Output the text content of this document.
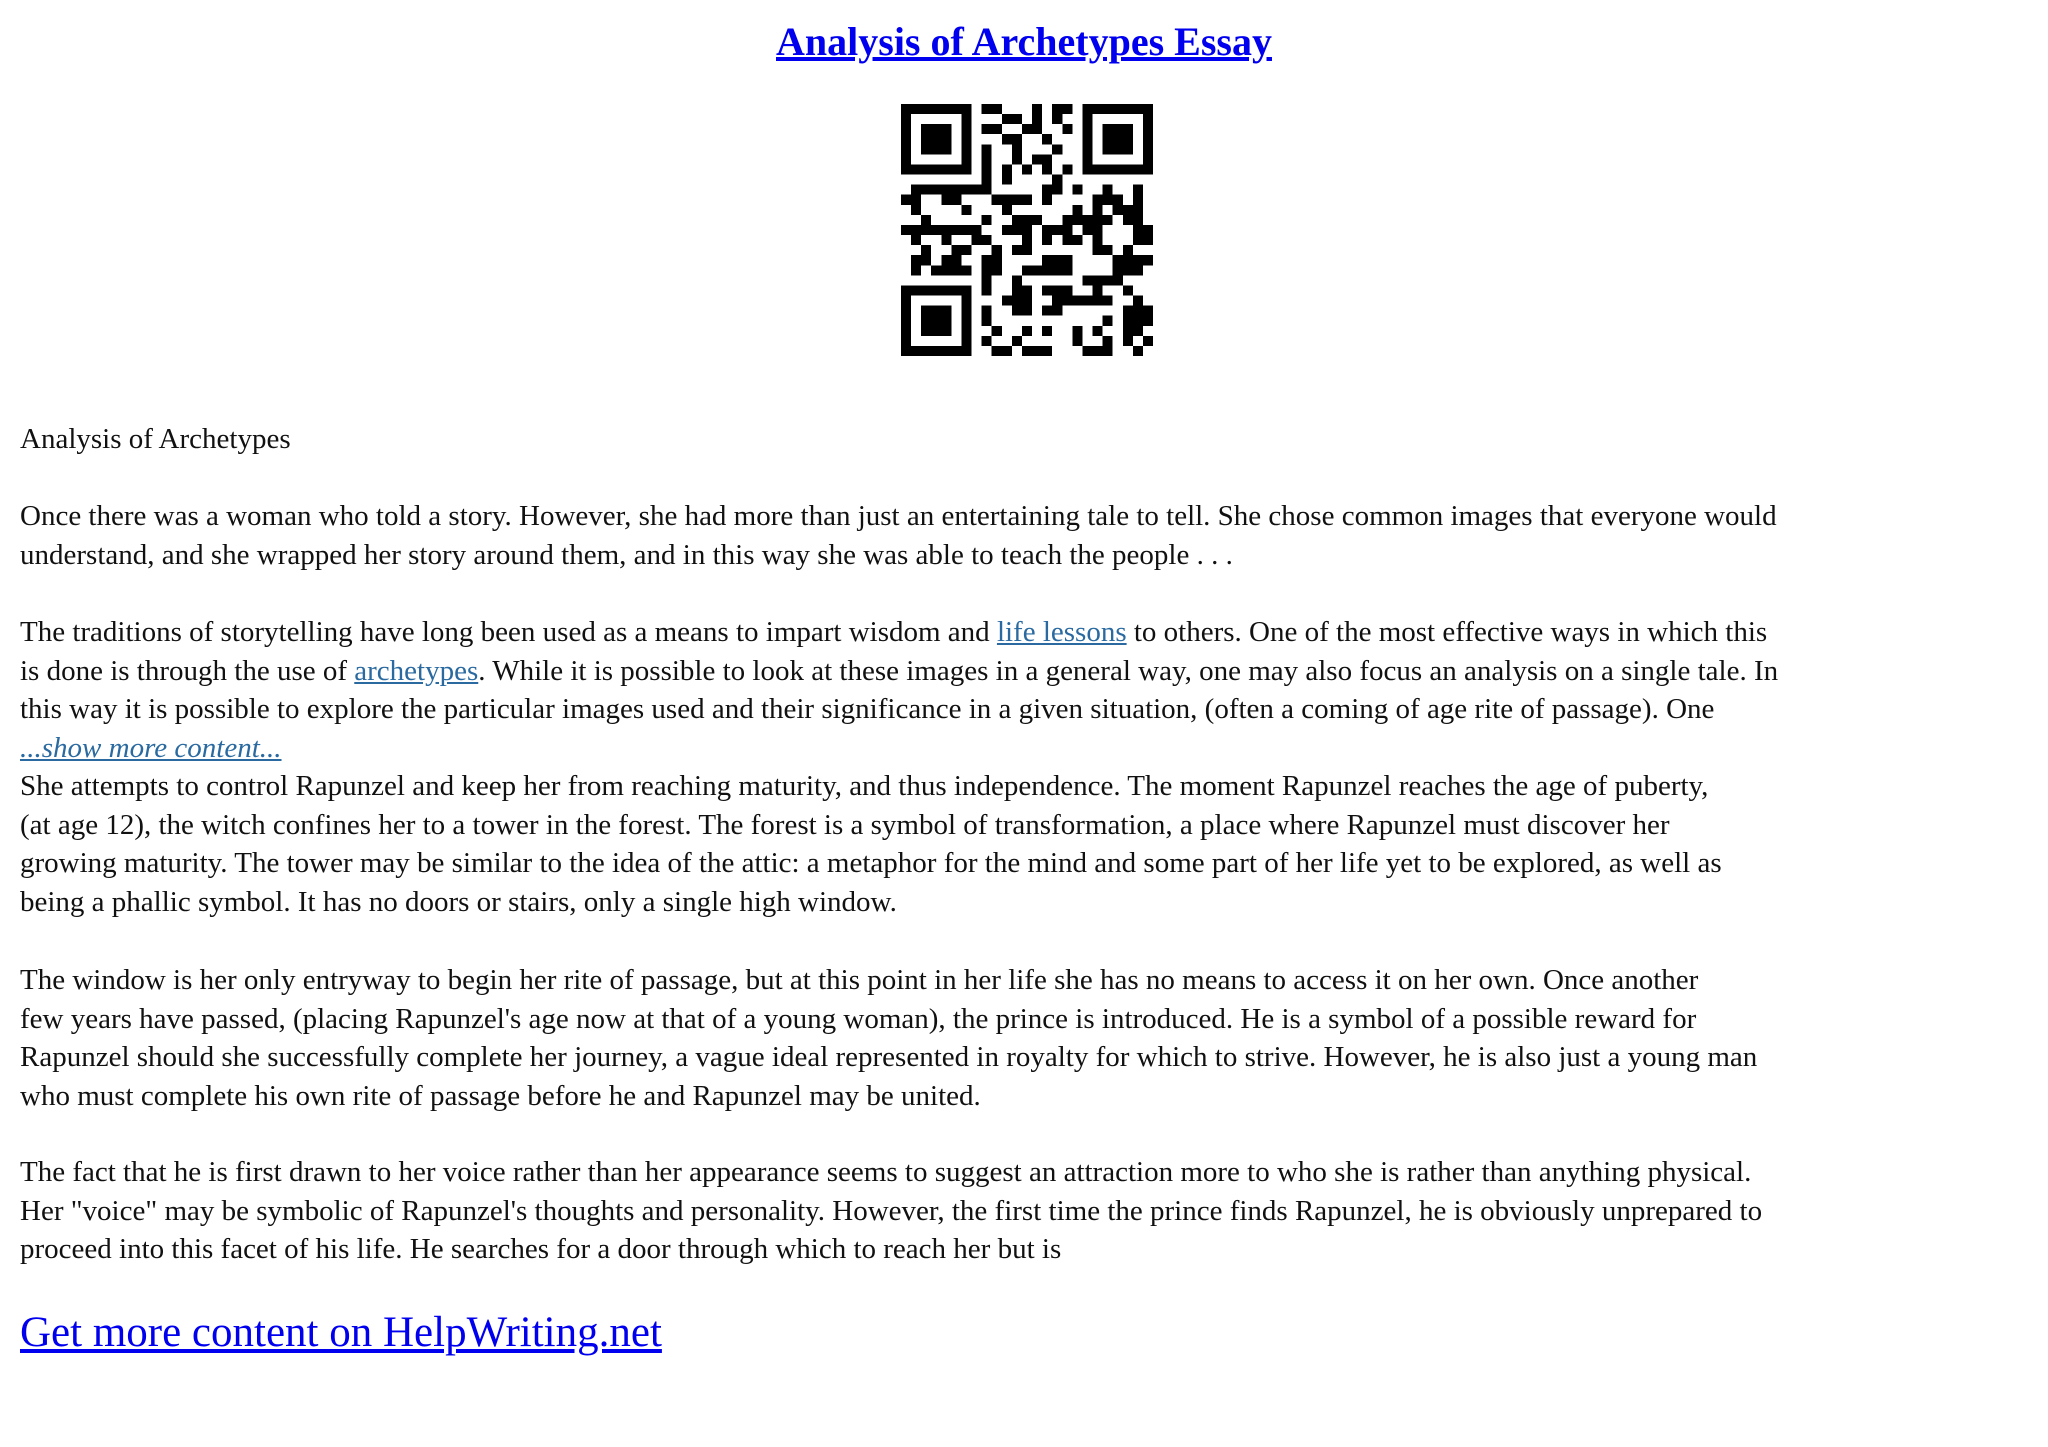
Analysis of Archetypes Essay
Analysis of Archetypes
Once there was a woman who told a story. However, she had more than just an entertaining tale to tell. She chose common images that everyone would
understand, and she wrapped her story around them, and in this way she was able to teach the people . . .
The traditions of storytelling have long been used as a means to impart wisdom and life lessons to others. One of the most effective ways in which this
is done is through the use of archetypes. While it is possible to look at these images in a general way, one may also focus an analysis on a single tale. In
this way it is possible to explore the particular images used and their significance in a given situation, (often a coming of age rite of passage). One
...show more content...
She attempts to control Rapunzel and keep her from reaching maturity, and thus independence. The moment Rapunzel reaches the age of puberty,
(at age 12), the witch confines her to a tower in the forest. The forest is a symbol of transformation, a place where Rapunzel must discover her
growing maturity. The tower may be similar to the idea of the attic: a metaphor for the mind and some part of her life yet to be explored, as well as
being a phallic symbol. It has no doors or stairs, only a single high window.
The window is her only entryway to begin her rite of passage, but at this point in her life she has no means to access it on her own. Once another
few years have passed, (placing Rapunzel's age now at that of a young woman), the prince is introduced. He is a symbol of a possible reward for
Rapunzel should she successfully complete her journey, a vague ideal represented in royalty for which to strive. However, he is also just a young man
who must complete his own rite of passage before he and Rapunzel may be united.
The fact that he is first drawn to her voice rather than her appearance seems to suggest an attraction more to who she is rather than anything physical.
Her "voice" may be symbolic of Rapunzel's thoughts and personality. However, the first time the prince finds Rapunzel, he is obviously unprepared to
proceed into this facet of his life. He searches for a door through which to reach her but is
Get more content on HelpWriting.net
